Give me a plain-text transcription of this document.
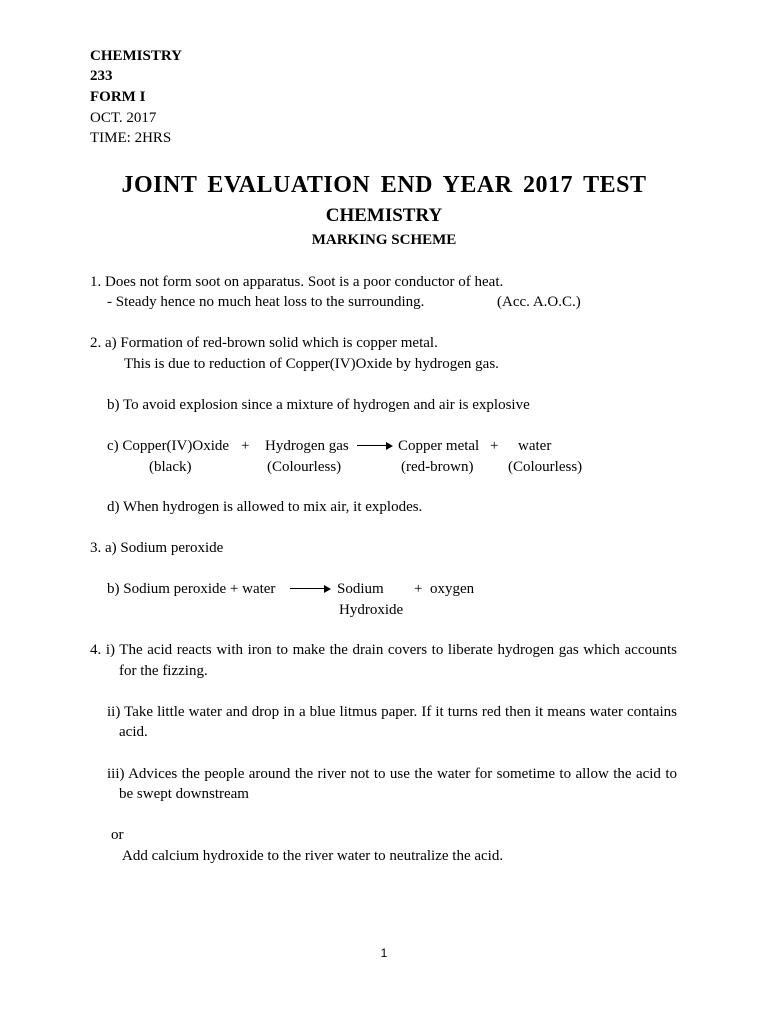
CHEMISTRY
233
FORM I
OCT. 2017
TIME: 2HRS
JOINT EVALUATION END YEAR 2017 TEST
CHEMISTRY
MARKING SCHEME
1. Does not form soot on apparatus. Soot is a poor conductor of heat.
- Steady hence no much heat loss to the surrounding.	(Acc. A.O.C.)
2. a) Formation of red-brown solid which is copper metal.
This is due to reduction of Copper(IV)Oxide by hydrogen gas.
b) To avoid explosion since a mixture of hydrogen and air is explosive
c) Copper(IV)Oxide + Hydrogen gas → Copper metal + water
(black)	(Colourless)	(red-brown) (Colourless)
d) When hydrogen is allowed to mix air, it explodes.
3. a) Sodium peroxide
b) Sodium peroxide + water → Sodium + oxygen
Hydroxide
4. i) The acid reacts with iron to make the drain covers to liberate hydrogen gas which accounts
for the fizzing.
ii) Take little water and drop in a blue litmus paper. If it turns red then it means water contains
acid.
iii) Advices the people around the river not to use the water for sometime to allow the acid to
be swept downstream
or
Add calcium hydroxide to the river water to neutralize the acid.
1
